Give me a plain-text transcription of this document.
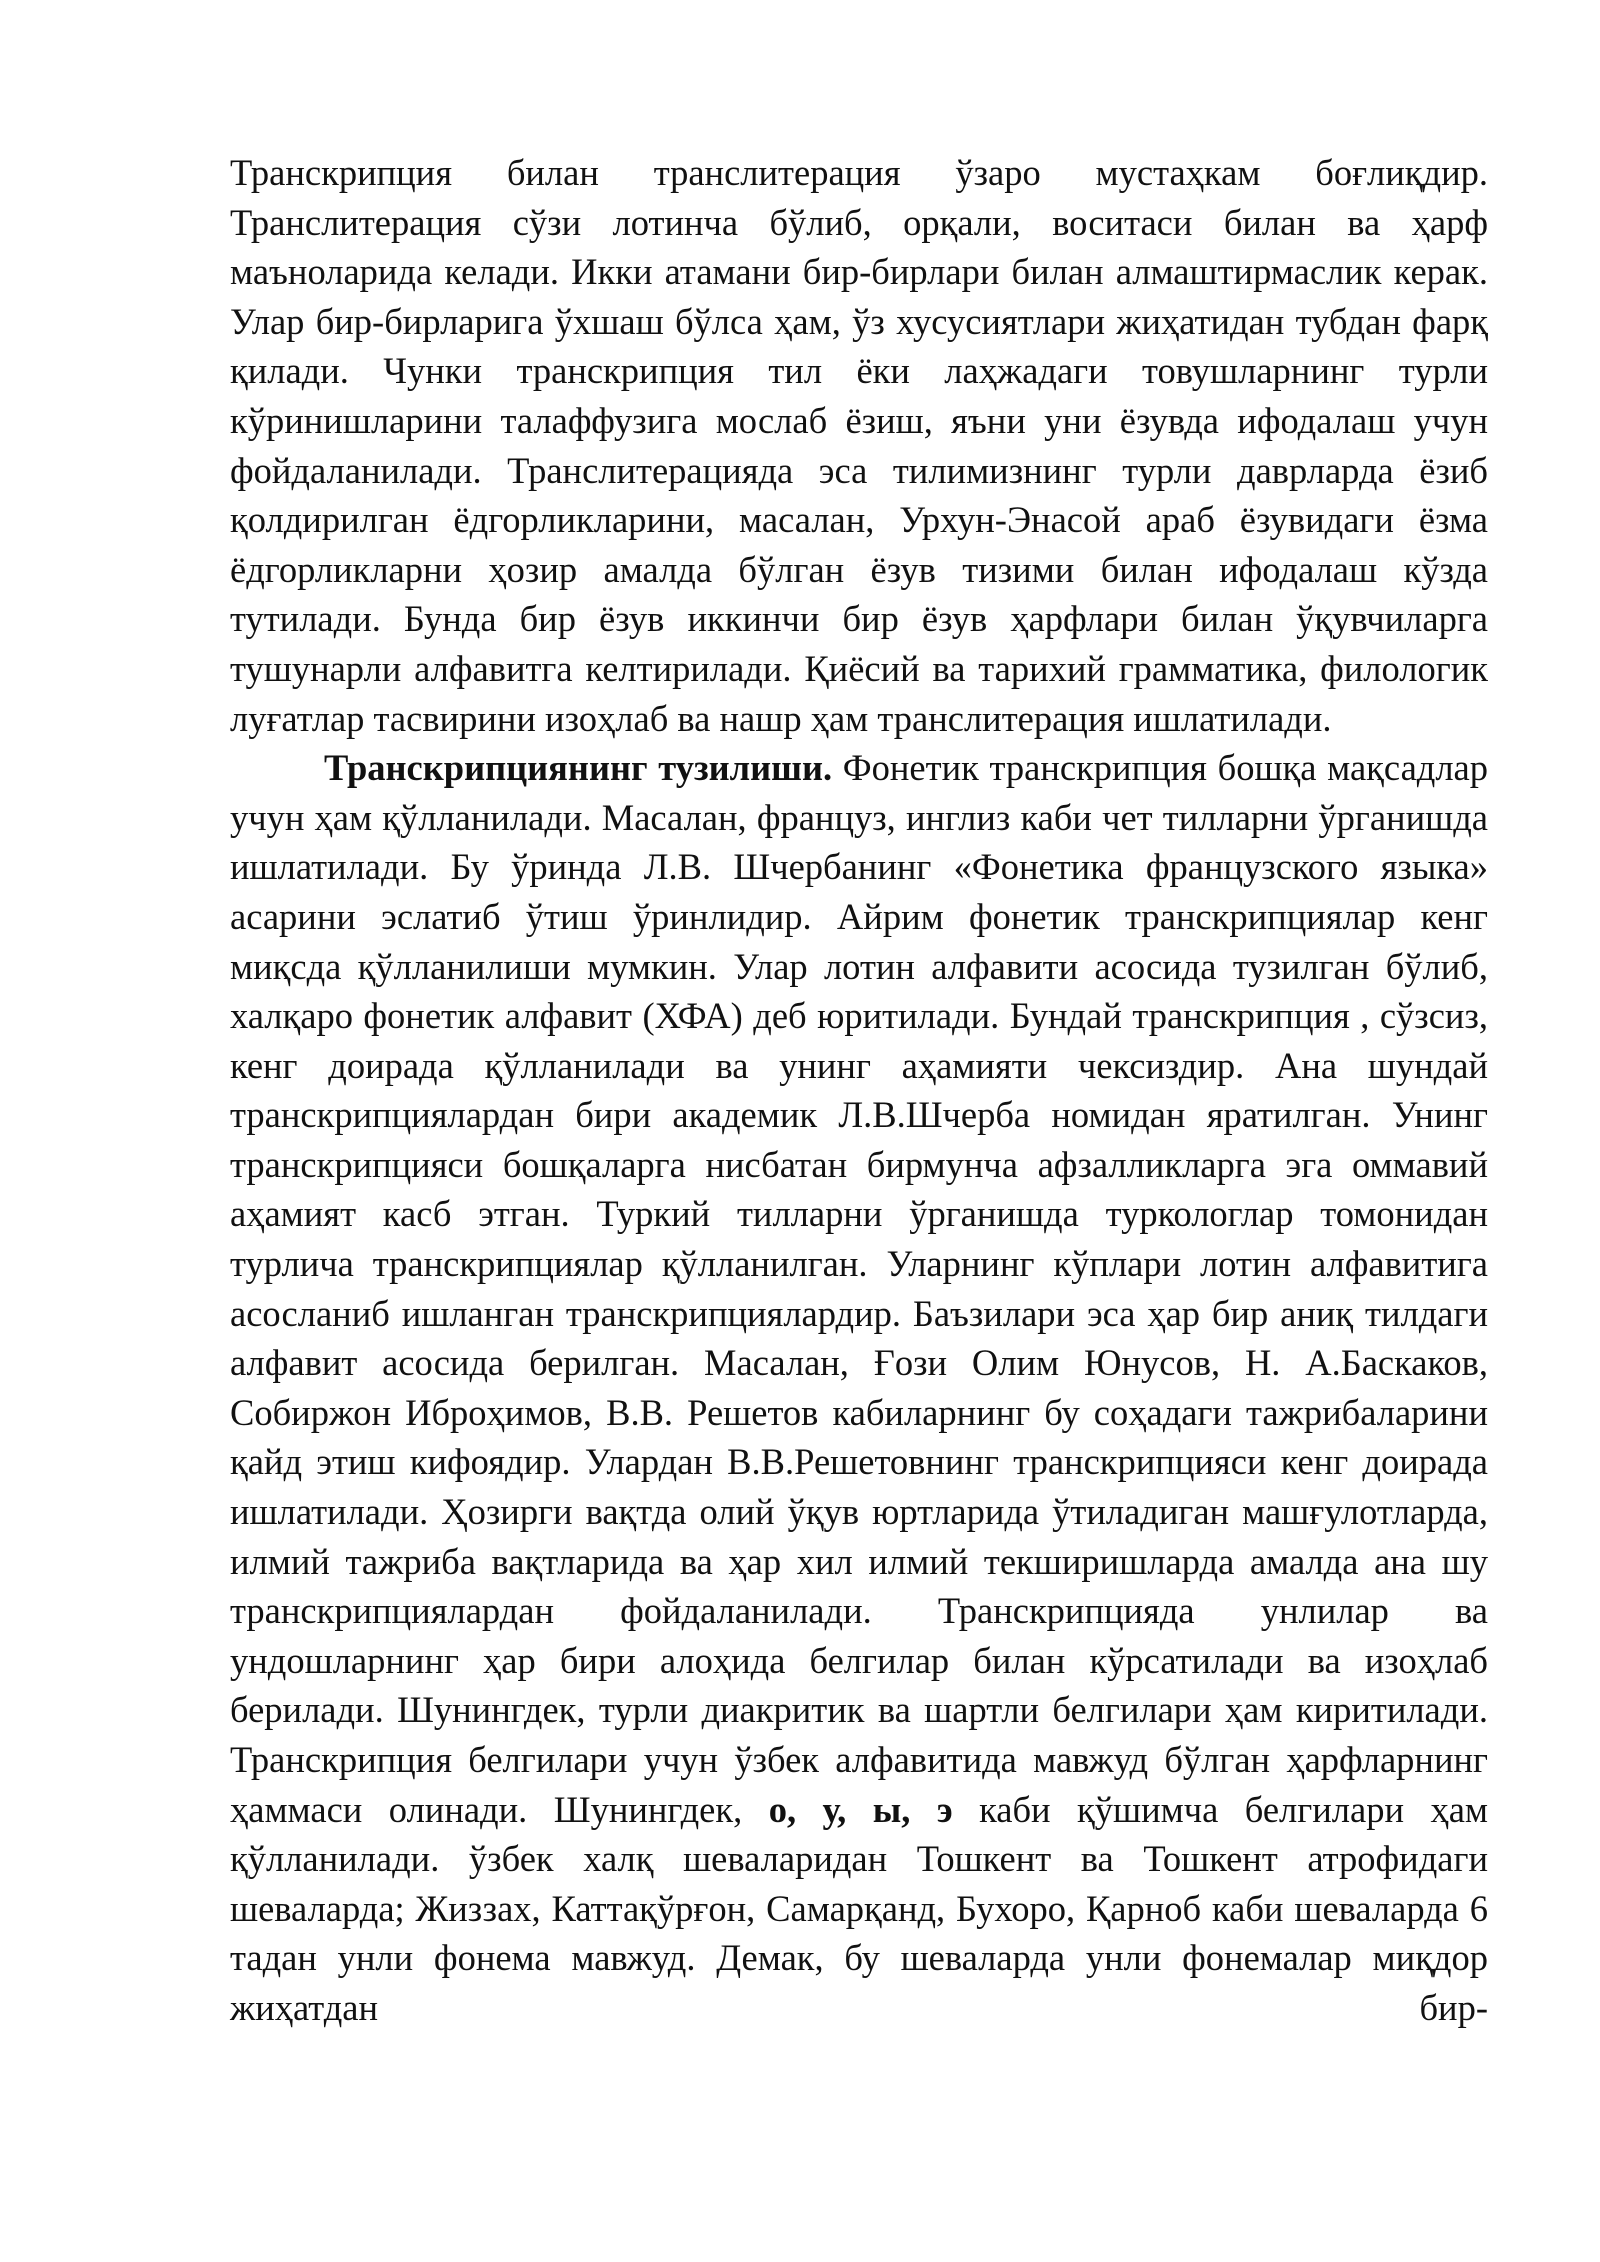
Транскрипция билан транслитерация ўзаро мустаҳкам боғлиқдир. Транслитерация сўзи лотинча бўлиб, орқали, воситаси билан ва ҳарф маъноларида келади. Икки атамани бир-бирлари билан алмаштирмаслик керак. Улар бир-бирларига ўхшаш бўлса ҳам, ўз хусусиятлари жиҳатидан тубдан фарқ қилади. Чунки транскрипция тил ёки лаҳжадаги товушларнинг турли кўринишларини талаффузига мослаб ёзиш, яъни уни ёзувда ифодалаш учун фойдаланилади. Транслитерацияда эса тилимизнинг турли даврларда ёзиб қолдирилган ёдгорликларини, масалан, Урхун-Энасой араб ёзувидаги ёзма ёдгорликларни ҳозир амалда бўлган ёзув тизими билан ифодалаш кўзда тутилади. Бунда бир ёзув иккинчи бир ёзув ҳарфлари билан ўқувчиларга тушунарли алфавитга келтирилади. Қиёсий ва тарихий грамматика, филологик луғатлар тасвирини изоҳлаб ва нашр ҳам транслитерация ишлатилади.

Транскрипциянинг тузилиши. Фонетик транскрипция бошқа мақсадлар учун ҳам қўлланилади. Масалан, француз, инглиз каби чет тилларни ўрганишда ишлатилади. Бу ўринда Л.В. Шчербанинг «Фонетика французского языка» асарини эслатиб ўтиш ўринлидир. Айрим фонетик транскрипциялар кенг миқсда қўлланилиши мумкин. Улар лотин алфавити асосида тузилган бўлиб, халқаро фонетик алфавит (ХФА) деб юритилади. Бундай транскрипция , сўзсиз, кенг доирада қўлланилади ва унинг аҳамияти чексиздир. Ана шундай транскрипциялардан бири академик Л.В.Шчерба номидан яратилган. Унинг транскрипцияси бошқаларга нисбатан бирмунча афзалликларга эга оммавий аҳамият касб этган. Туркий тилларни ўрганишда туркологлар томонидан турлича транскрипциялар қўлланилган. Уларнинг кўплари лотин алфавитига асосланиб ишланган транскрипциялардир. Баъзилари эса ҳар бир аниқ тилдаги алфавит асосида берилган. Масалан, Ғози Олим Юнусов, Н. А.Баскаков, Собиржон Иброҳимов, В.В. Решетов кабиларнинг бу соҳадаги тажрибаларини қайд этиш кифоядир. Улардан В.В.Решетовнинг транскрипцияси кенг доирада ишлатилади. Ҳозирги вақтда олий ўқув юртларида ўтиладиган машғулотларда, илмий тажриба вақтларида ва ҳар хил илмий текширишларда амалда ана шу транскрипциялардан фойдаланилади. Транскрипцияда унлилар ва ундошларнинг ҳар бири алоҳида белгилар билан кўрсатилади ва изоҳлаб берилади. Шунингдек, турли диакритик ва шартли белгилари ҳам киритилади. Транскрипция белгилари учун ўзбек алфавитида мавжуд бўлган ҳарфларнинг ҳаммаси олинади. Шунингдек, о, у, ы, э каби қўшимча белгилари ҳам қўлланилади. ўзбек халқ шеваларидан Тошкент ва Тошкент атрофидаги шеваларда; Жиззах, Каттақўрғон, Самарқанд, Бухоро, Қарноб каби шеваларда 6 тадан унли фонема мавжуд. Демак, бу шеваларда унли фонемалар миқдор жиҳатдан бир-
